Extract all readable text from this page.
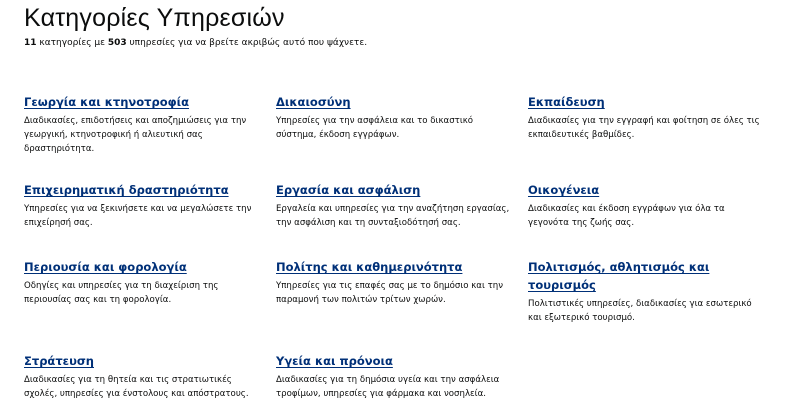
Κατηγορίες Υπηρεσιών
11 κατηγορίες με 503 υπηρεσίες για να βρείτε ακριβώς αυτό που ψάχνετε.
Γεωργία και κτηνοτροφία
Διαδικασίες, επιδοτήσεις και αποζημιώσεις για την γεωργική, κτηνοτροφική ή αλιευτική σας δραστηριότητα.
Δικαιοσύνη
Υπηρεσίες για την ασφάλεια και το δικαστικό σύστημα, έκδοση εγγράφων.
Εκπαίδευση
Διαδικασίες για την εγγραφή και φοίτηση σε όλες τις εκπαιδευτικές βαθμίδες.
Επιχειρηματική δραστηριότητα
Υπηρεσίες για να ξεκινήσετε και να μεγαλώσετε την επιχείρησή σας.
Εργασία και ασφάλιση
Εργαλεία και υπηρεσίες για την αναζήτηση εργασίας, την ασφάλιση και τη συνταξιοδότησή σας.
Οικογένεια
Διαδικασίες και έκδοση εγγράφων για όλα τα γεγονότα της ζωής σας.
Περιουσία και φορολογία
Οδηγίες και υπηρεσίες για τη διαχείριση της περιουσίας σας και τη φορολογία.
Πολίτης και καθημερινότητα
Υπηρεσίες για τις επαφές σας με το δημόσιο και την παραμονή των πολιτών τρίτων χωρών.
Πολιτισμός, αθλητισμός και τουρισμός
Πολιτιστικές υπηρεσίες, διαδικασίες για εσωτερικό και εξωτερικό τουρισμό.
Στράτευση
Διαδικασίες για τη θητεία και τις στρατιωτικές σχολές, υπηρεσίες για ένστολους και απόστρατους.
Υγεία και πρόνοια
Διαδικασίες για τη δημόσια υγεία και την ασφάλεια τροφίμων, υπηρεσίες για φάρμακα και νοσηλεία.
